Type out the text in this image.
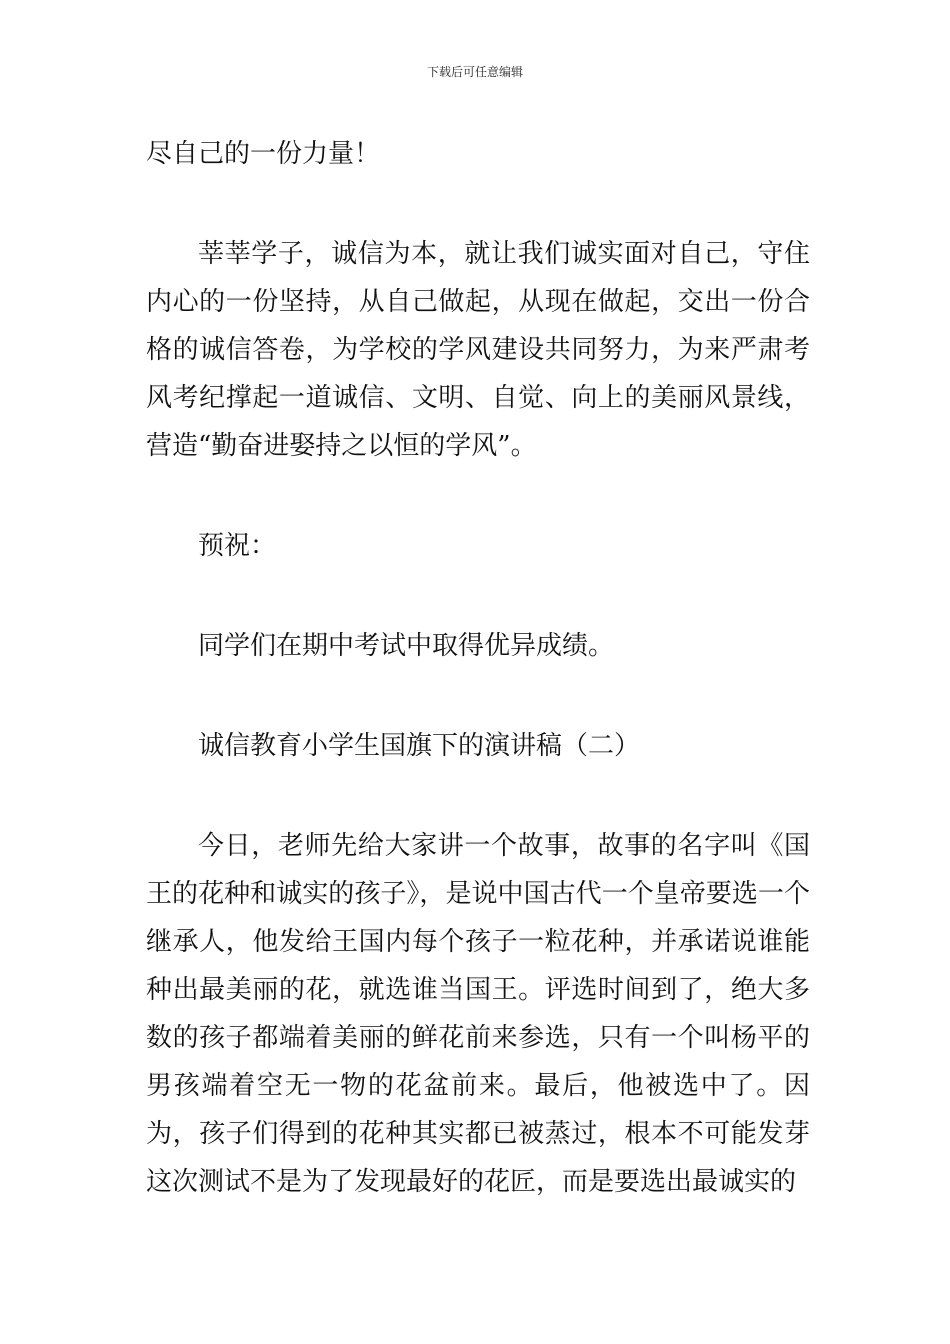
下载后可任意编辑

尽自己的一份力量！

莘莘学子，诚信为本，就让我们诚实面对自己，守住内心的一份坚持，从自己做起，从现在做起，交出一份合格的诚信答卷，为学校的学风建设共同努力，为来严肃考风考纪撑起一道诚信、文明、自觉、向上的美丽风景线，营造“勤奋进娶持之以恒的学风”。

预祝：

同学们在期中考试中取得优异成绩。

诚信教育小学生国旗下的演讲稿（二）

今日，老师先给大家讲一个故事，故事的名字叫《国王的花种和诚实的孩子》，是说中国古代一个皇帝要选一个继承人，他发给王国内每个孩子一粒花种，并承诺说谁能种出最美丽的花，就选谁当国王。评选时间到了，绝大多数的孩子都端着美丽的鲜花前来参选，只有一个叫杨平的男孩端着空无一物的花盆前来。最后，他被选中了。因为，孩子们得到的花种其实都已被蒸过，根本不可能发芽这次测试不是为了发现最好的花匠，而是要选出最诚实的
